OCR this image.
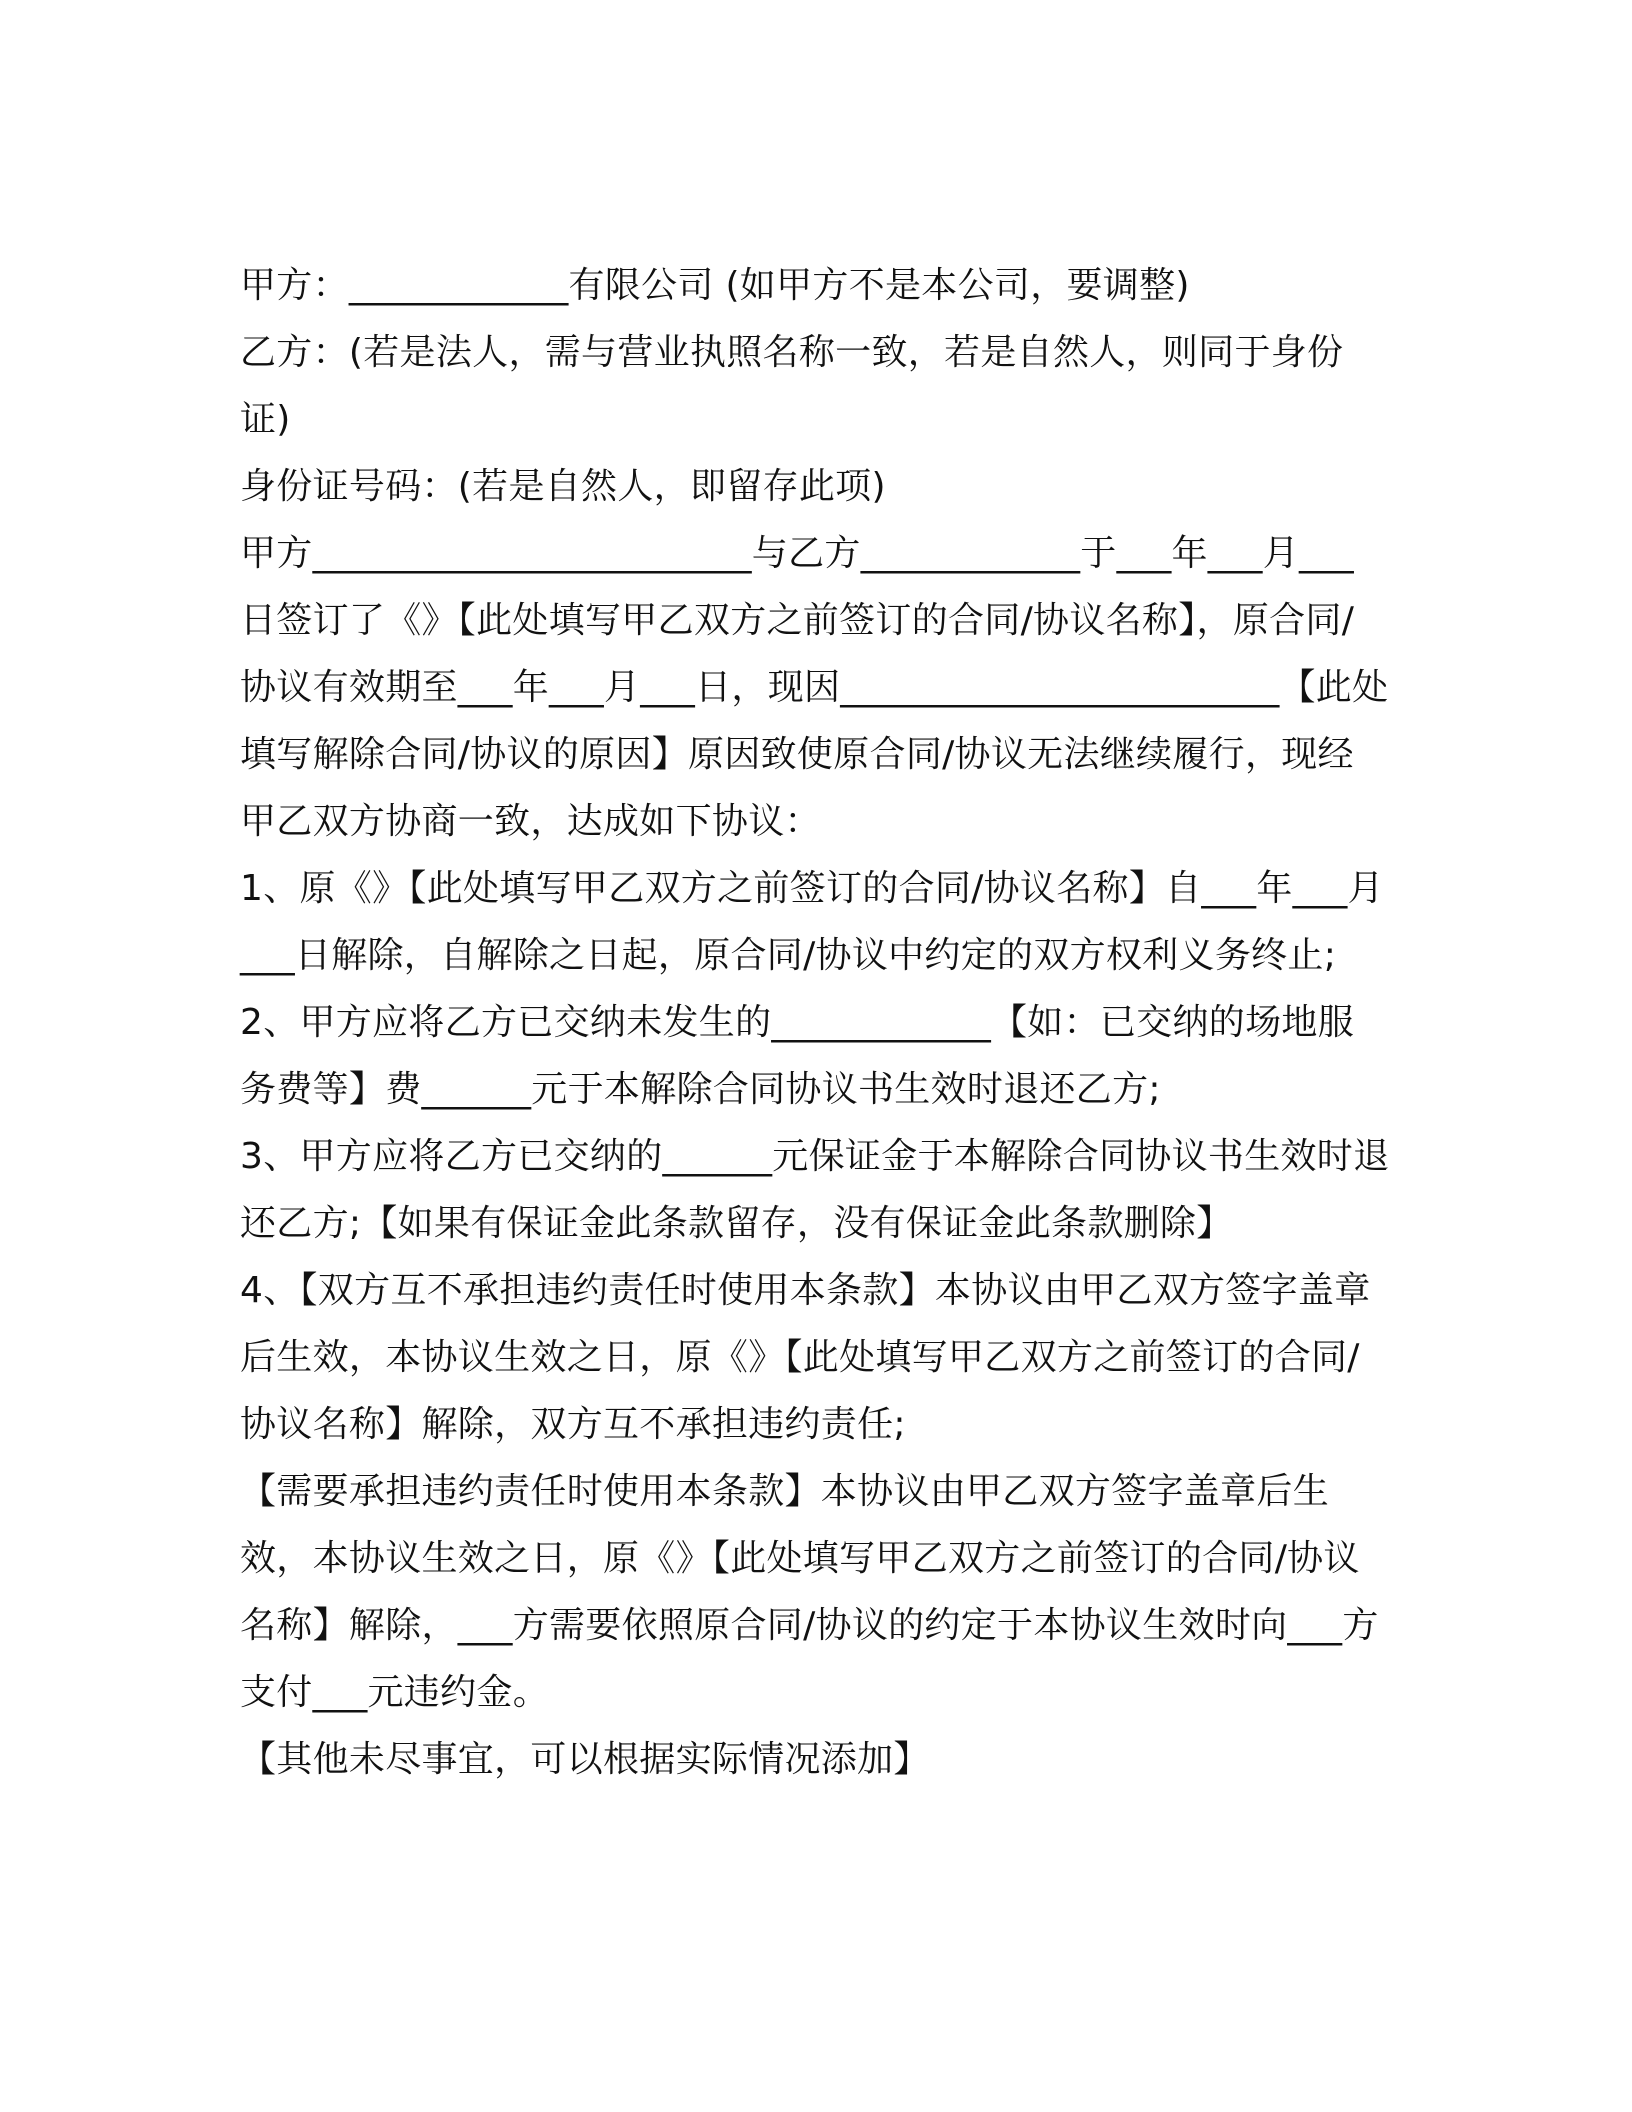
甲方：____________有限公司 (如甲方不是本公司，要调整)

乙方：(若是法人，需与营业执照名称一致，若是自然人，则同于身份证)

身份证号码：(若是自然人，即留存此项)

甲方________________________与乙方____________于___年___月___日签订了《》【此处填写甲乙双方之前签订的合同/协议名称】，原合同/协议有效期至___年___月___日，现因________________________【此处填写解除合同/协议的原因】原因致使原合同/协议无法继续履行，现经甲乙双方协商一致，达成如下协议：

1、原《》【此处填写甲乙双方之前签订的合同/协议名称】自___年___月___日解除，自解除之日起，原合同/协议中约定的双方权利义务终止;

2、甲方应将乙方已交纳未发生的____________【如：已交纳的场地服务费等】费______元于本解除合同协议书生效时退还乙方;

3、甲方应将乙方已交纳的______元保证金于本解除合同协议书生效时退还乙方;【如果有保证金此条款留存，没有保证金此条款删除】

4、【双方互不承担违约责任时使用本条款】本协议由甲乙双方签字盖章后生效，本协议生效之日，原《》【此处填写甲乙双方之前签订的合同/协议名称】解除，双方互不承担违约责任;

【需要承担违约责任时使用本条款】本协议由甲乙双方签字盖章后生效，本协议生效之日，原《》【此处填写甲乙双方之前签订的合同/协议名称】解除，___方需要依照原合同/协议的约定于本协议生效时向___方支付___元违约金。

【其他未尽事宜，可以根据实际情况添加】
